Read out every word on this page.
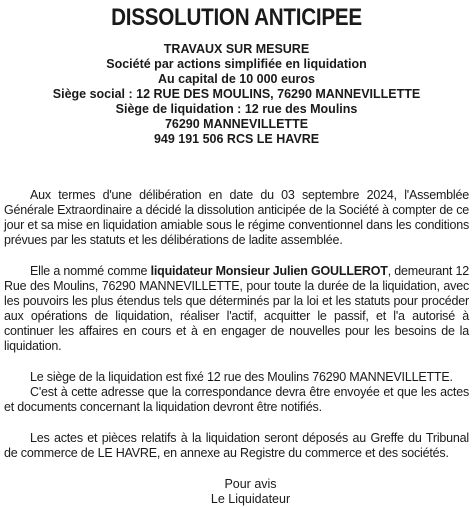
DISSOLUTION ANTICIPEE
TRAVAUX SUR MESURE
Société par actions simplifiée en liquidation
Au capital de 10 000 euros
Siège social : 12 RUE DES MOULINS, 76290 MANNEVILLETTE
Siège de liquidation : 12 rue des Moulins
76290 MANNEVILLETTE
949 191 506 RCS LE HAVRE

Aux termes d'une délibération en date du 03 septembre 2024, l'Assemblée Générale Extraordinaire a décidé la dissolution anticipée de la Société à compter de ce jour et sa mise en liquidation amiable sous le régime conventionnel dans les conditions prévues par les statuts et les délibérations de ladite assemblée.

Elle a nommé comme liquidateur Monsieur Julien GOULLEROT, demeurant 12 Rue des Moulins, 76290 MANNEVILLETTE, pour toute la durée de la liquidation, avec les pouvoirs les plus étendus tels que déterminés par la loi et les statuts pour procéder aux opérations de liquidation, réaliser l'actif, acquitter le passif, et l'a autorisé à continuer les affaires en cours et à en engager de nouvelles pour les besoins de la liquidation.

Le siège de la liquidation est fixé 12 rue des Moulins 76290 MANNEVILLETTE.

C'est à cette adresse que la correspondance devra être envoyée et que les actes et documents concernant la liquidation devront être notifiés.

Les actes et pièces relatifs à la liquidation seront déposés au Greffe du Tribunal de commerce de LE HAVRE, en annexe au Registre du commerce et des sociétés.

Pour avis
Le Liquidateur
